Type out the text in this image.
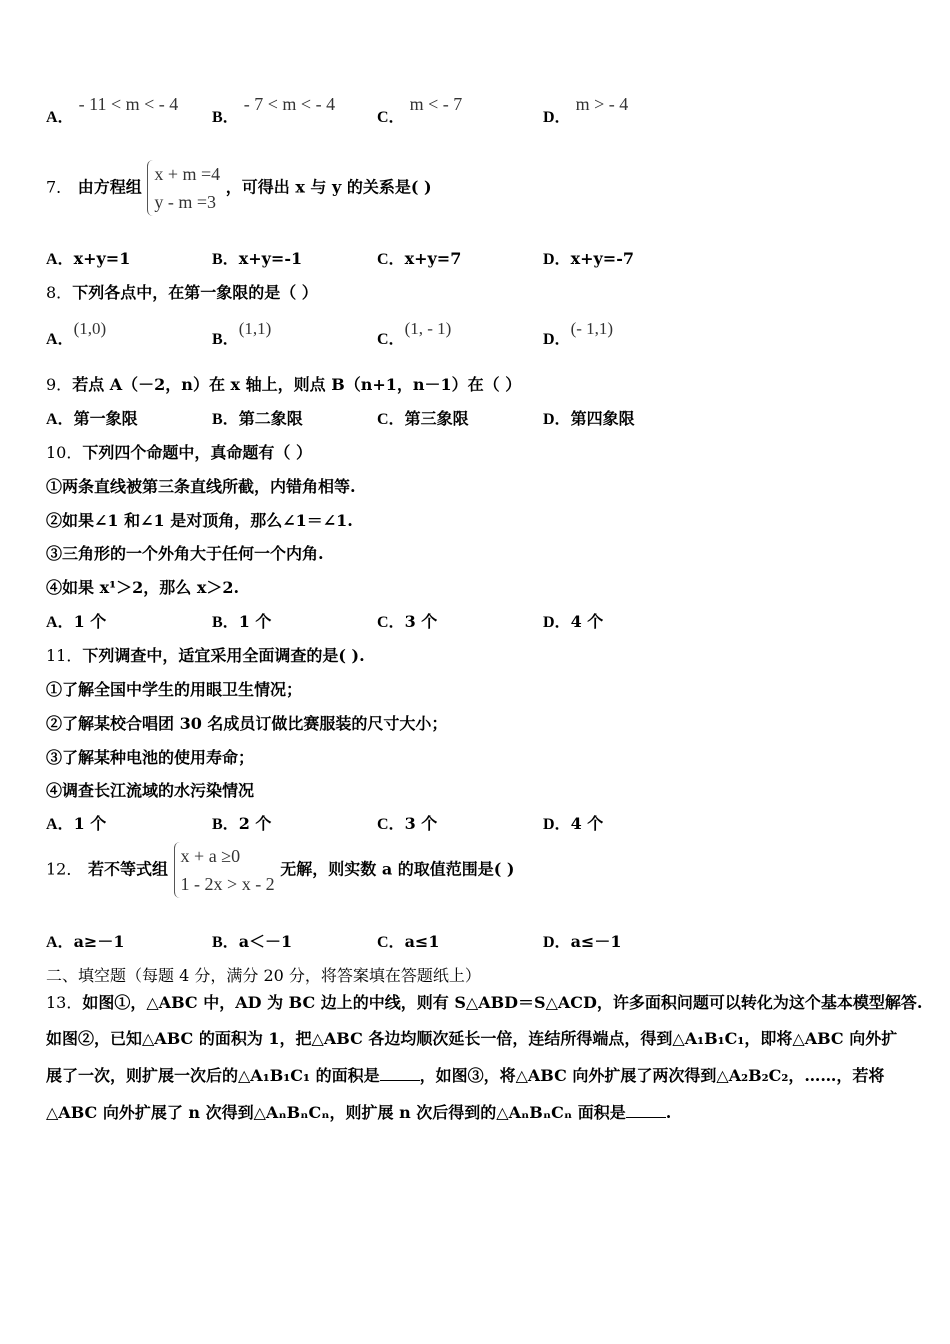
A． - 11 < m < - 4
B． - 7 < m < - 4
C． m < - 7
D． m > - 4
7． 由方程组
x + m =4
y - m =3
，可得出 x 与 y 的关系是( )
A．x+y=1	B．x+y=-1	C．x+y=7	D．x+y=-7
8．下列各点中，在第一象限的是（ ）
A．(1,0)
B．(1,1)
C．(1, - 1)
D．(- 1,1)
9．若点 A（－2，n）在 x 轴上，则点 B（n+1，n－1）在（ ）
A．第一象限	B．第二象限	C．第三象限	D．第四象限
10．下列四个命题中，真命题有（ ）
①两条直线被第三条直线所截，内错角相等.
②如果∠1 和∠1 是对顶角，那么∠1＝∠1.
③三角形的一个外角大于任何一个内角.
④如果 x¹＞2，那么 x＞2.
A．1 个	B．1 个	C．3 个	D．4 个
11．下列调查中，适宜采用全面调查的是( ).
①了解全国中学生的用眼卫生情况；
②了解某校合唱团 30 名成员订做比赛服装的尺寸大小；
③了解某种电池的使用寿命；
④调查长江流域的水污染情况
A．1 个	B．2 个	C．3 个	D．4 个
12． 若不等式组
x + a ≥0
1 - 2x > x - 2
无解，则实数 a 的取值范围是( )
A．a≥－1	B．a＜－1	C．a≤1	D．a≤－1
二、填空题（每题 4 分，满分 20 分，将答案填在答题纸上）
13．如图①，△ABC 中，AD 为 BC 边上的中线，则有 S△ABD＝S△ACD，许多面积问题可以转化为这个基本模型解答.
如图②，已知△ABC 的面积为 1，把△ABC 各边均顺次延长一倍，连结所得端点，得到△A₁B₁C₁，即将△ABC 向外扩
展了一次，则扩展一次后的△A₁B₁C₁ 的面积是	，如图③，将△ABC 向外扩展了两次得到△A₂B₂C₂，……，若将
△ABC 向外扩展了 n 次得到△AₙBₙCₙ，则扩展 n 次后得到的△AₙBₙCₙ 面积是	.
